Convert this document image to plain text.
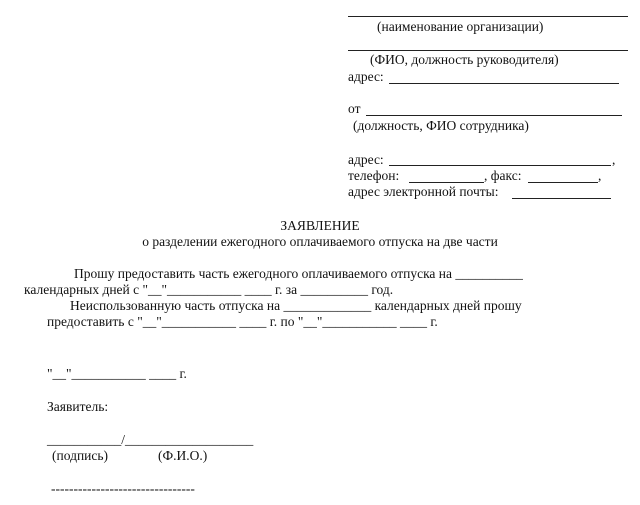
(наименование организации)
(ФИО, должность руководителя)
адрес:
от
(должность, ФИО сотрудника)
адрес:	,
телефон:	, факс:	,
адрес электронной почты:
ЗАЯВЛЕНИЕ
о разделении ежегодного оплачиваемого отпуска на две части
Прошу предоставить часть ежегодного оплачиваемого отпуска на __________
календарных дней с "__"___________ ____ г. за __________ год.
Неиспользованную часть отпуска на _____________ календарных дней прошу
предоставить с "__"___________ ____ г. по "__"___________ ____ г.
"__"___________ ____ г.
Заявитель:
___________/___________________
(подпись)	(Ф.И.О.)
--------------------------------
